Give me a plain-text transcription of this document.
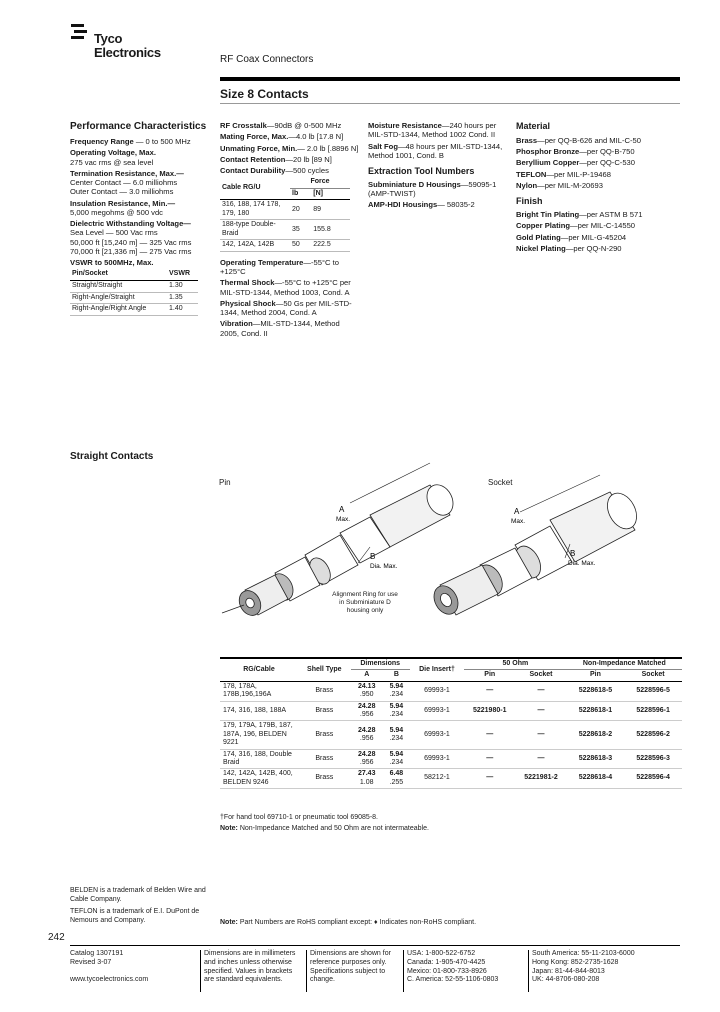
Tyco
Electronics	RF Coax Connectors
Size 8 Contacts
Performance Characteristics

Frequency Range — 0 to 500 MHz

Operating Voltage, Max.
275 vac rms @ sea level

Termination Resistance, Max.—
Center Contact — 6.0 milliohms
Outer Contact — 3.0 milliohms

Insulation Resistance, Min.—
5,000 megohms @ 500 vdc

Dielectric Withstanding Voltage—
Sea Level — 500 Vac rms
50,000 ft [15,240 m] — 325 Vac rms
70,000 ft [21,336 m] — 275 Vac rms

VSWR to 500MHz, Max.

Pin/Socket	VSWR
Straight/Straight	1.30
Right-Angle/Straight	1.35
Right-Angle/Right Angle	1.40

RF Crosstalk—90dB @ 0-500 MHz

Mating Force, Max.—4.0 lb [17.8 N]

Unmating Force, Min.— 2.0 lb [.8896 N]

Contact Retention—20 lb [89 N]

Contact Durability—500 cycles

Cable RG/U	Force	
	lb	[N]
316, 188, 174 178, 179, 180	20	89
188-type Double-Braid	35	155.8
142, 142A, 142B	50	222.5

Operating Temperature—-55°C to +125°C

Thermal Shock—-55°C to +125°C per MIL-STD-1344, Method 1003, Cond. A

Physical Shock—50 Gs per MIL-STD-1344, Method 2004, Cond. A

Vibration—MIL-STD-1344, Method 2005, Cond. II

Moisture Resistance—240 hours per MIL-STD-1344, Method 1002 Cond. II

Salt Fog—48 hours per MIL-STD-1344, Method 1001, Cond. B

Extraction Tool Numbers

Subminiature D Housings—59095-1 (AMP-TWIST)

AMP-HDI Housings— 58035-2

Material

Brass—per QQ-B-626 and MIL-C-50

Phosphor Bronze—per QQ-B-750

Beryllium Copper—per QQ-C-530

TEFLON—per MIL-P-19468

Nylon—per MIL-M-20693

Finish

Bright Tin Plating—per ASTM B 571

Copper Plating—per MIL-C-14550

Gold Plating—per MIL-G-45204

Nickel Plating—per QQ-N-290

Straight Contacts
Pin	Socket
A
Max.
B
Dia. Max.
Alignment Ring for use in Subminiature D housing only
A
Max.
B
Dia. Max.
RG/Cable	Shell Type	Dimensions		Die Insert†	50 Ohm		Non-Impedance Matched	
		A	B		Pin	Socket	Pin	Socket
178, 178A, 178B,196,196A	Brass	24.13
.950	5.94
.234	69993-1	—	—	5228618-5	5228596-5
174, 316, 188, 188A	Brass	24.28
.956	5.94
.234	69993-1	5221980-1	—	5228618-1	5228596-1
179, 179A, 179B, 187, 187A, 196, BELDEN 9221	Brass	24.28
.956	5.94
.234	69993-1	—	—	5228618-2	5228596-2
174, 316, 188, Double Braid	Brass	24.28
.956	5.94
.234	69993-1	—	—	5228618-3	5228596-3
142, 142A, 142B, 400, BELDEN 9246	Brass	27.43
1.08	6.48
.255	58212-1	—	5221981-2	5228618-4	5228596-4
†For hand tool 69710-1 or pneumatic tool 69085-8.
Note: Non-Impedance Matched and 50 Ohm are not intermateable.
BELDEN is a trademark of Belden Wire and Cable Company.
TEFLON is a trademark of E.I. DuPont de Nemours and Company.	Note: Part Numbers are RoHS compliant except: ♦ Indicates non-RoHS compliant.
242
Catalog 1307191
Revised 3-07
www.tycoelectronics.com
Dimensions are in millimeters and inches unless otherwise specified. Values in brackets are standard equivalents.
Dimensions are shown for reference purposes only. Specifications subject to change.
USA: 1-800-522-6752
Canada: 1-905-470-4425
Mexico: 01-800-733-8926
C. America: 52-55-1106-0803
South America: 55-11-2103-6000
Hong Kong: 852-2735-1628
Japan: 81-44-844-8013
UK: 44-8706-080-208
